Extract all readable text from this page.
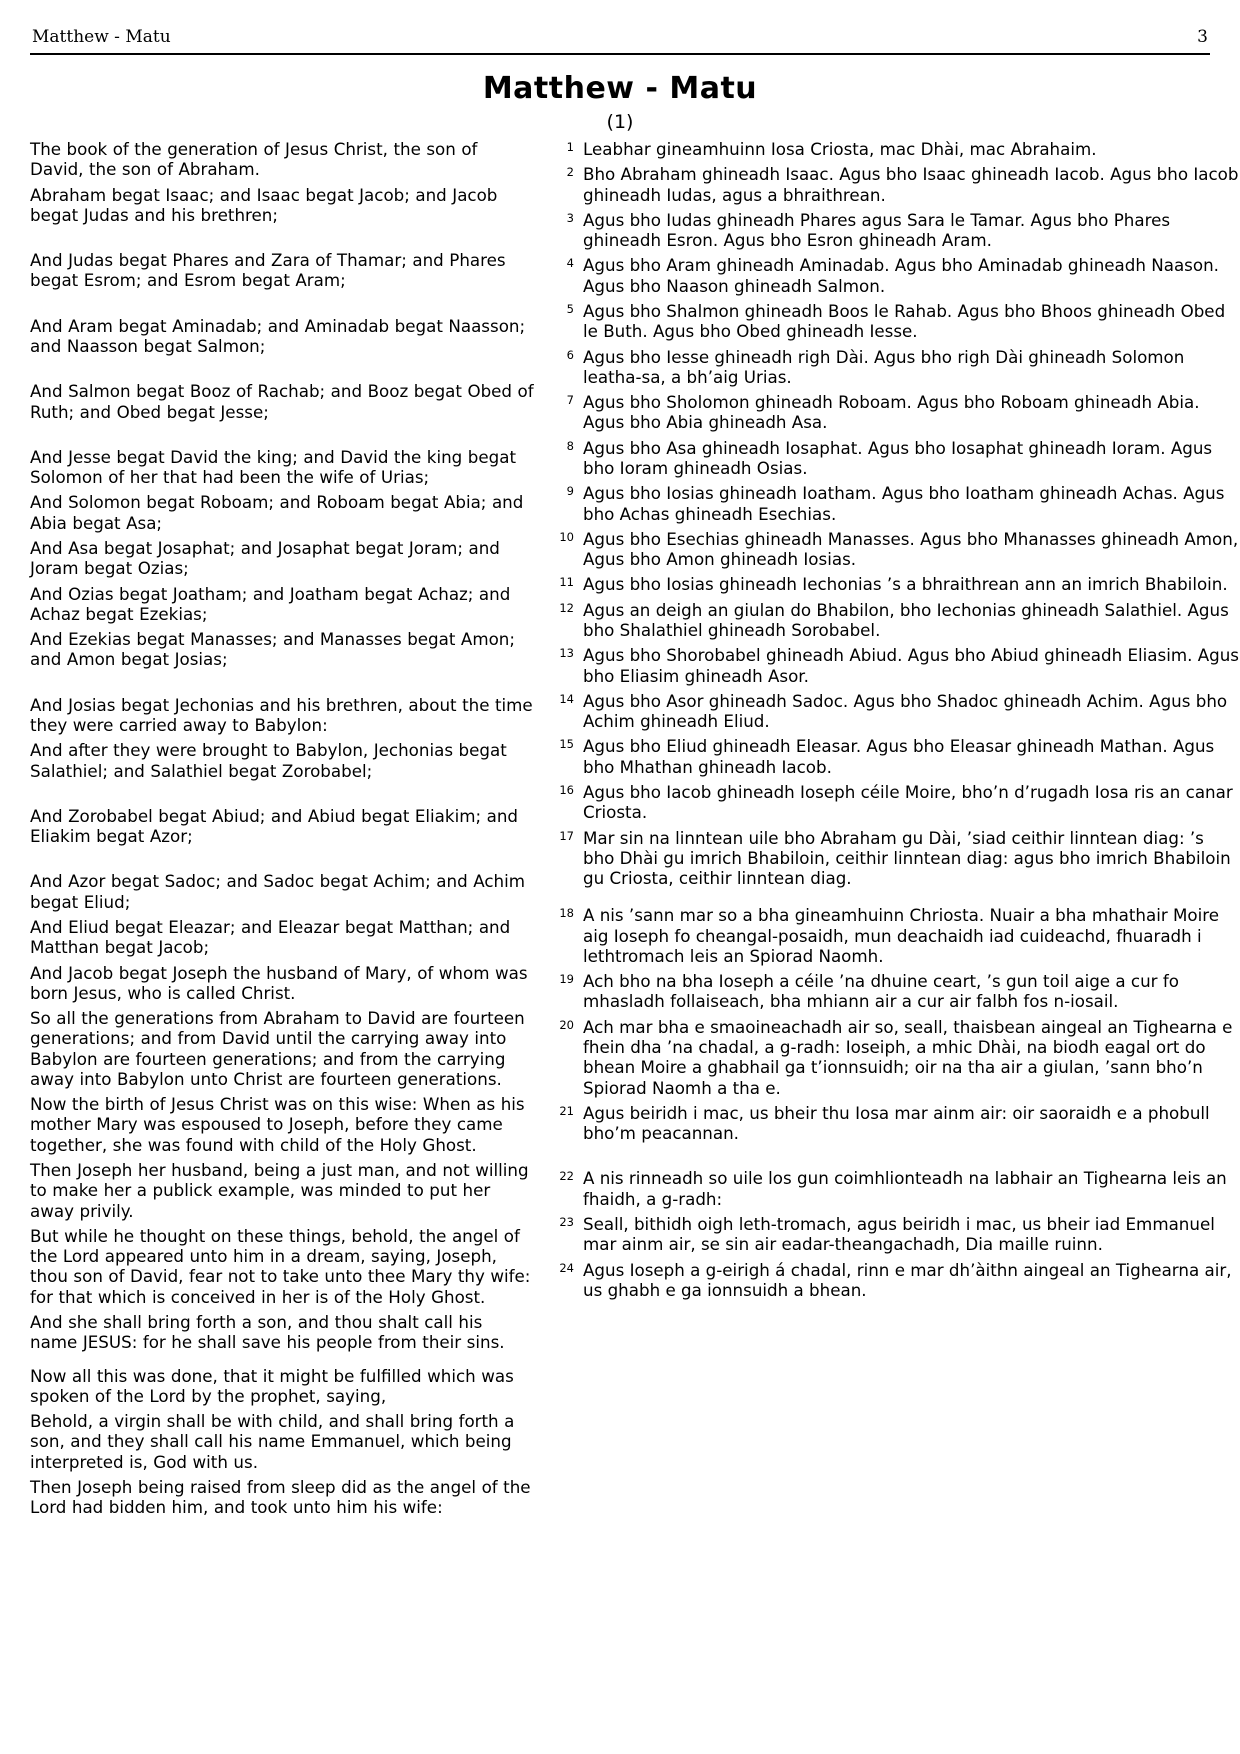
Matthew - Matu	3
Matthew - Matu
(1)
The book of the generation of Jesus Christ, the son of David, the son of Abraham.
Abraham begat Isaac; and Isaac begat Jacob; and Jacob begat Judas and his brethren;
And Judas begat Phares and Zara of Thamar; and Phares begat Esrom; and Esrom begat Aram;
And Aram begat Aminadab; and Aminadab begat Naasson; and Naasson begat Salmon;
And Salmon begat Booz of Rachab; and Booz begat Obed of Ruth; and Obed begat Jesse;
And Jesse begat David the king; and David the king begat Solomon of her that had been the wife of Urias;
And Solomon begat Roboam; and Roboam begat Abia; and Abia begat Asa;
And Asa begat Josaphat; and Josaphat begat Joram; and Joram begat Ozias;
And Ozias begat Joatham; and Joatham begat Achaz; and Achaz begat Ezekias;
And Ezekias begat Manasses; and Manasses begat Amon; and Amon begat Josias;
And Josias begat Jechonias and his brethren, about the time they were carried away to Babylon:
And after they were brought to Babylon, Jechonias begat Salathiel; and Salathiel begat Zorobabel;
And Zorobabel begat Abiud; and Abiud begat Eliakim; and Eliakim begat Azor;
And Azor begat Sadoc; and Sadoc begat Achim; and Achim begat Eliud;
And Eliud begat Eleazar; and Eleazar begat Matthan; and Matthan begat Jacob;
And Jacob begat Joseph the husband of Mary, of whom was born Jesus, who is called Christ.
So all the generations from Abraham to David are fourteen generations; and from David until the carrying away into Babylon are fourteen generations; and from the carrying away into Babylon unto Christ are fourteen generations.
Now the birth of Jesus Christ was on this wise: When as his mother Mary was espoused to Joseph, before they came together, she was found with child of the Holy Ghost.
Then Joseph her husband, being a just man, and not willing to make her a publick example, was minded to put her away privily.
But while he thought on these things, behold, the angel of the Lord appeared unto him in a dream, saying, Joseph, thou son of David, fear not to take unto thee Mary thy wife: for that which is conceived in her is of the Holy Ghost.
And she shall bring forth a son, and thou shalt call his name JESUS: for he shall save his people from their sins.
Now all this was done, that it might be fulfilled which was spoken of the Lord by the prophet, saying,
Behold, a virgin shall be with child, and shall bring forth a son, and they shall call his name Emmanuel, which being interpreted is, God with us.
Then Joseph being raised from sleep did as the angel of the Lord had bidden him, and took unto him his wife:
1 Leabhar gineamhuinn Iosa Criosta, mac Dhài, mac Abrahaim.
2 Bho Abraham ghineadh Isaac. Agus bho Isaac ghineadh Iacob. Agus bho Iacob ghineadh Iudas, agus a bhraithrean.
3 Agus bho Iudas ghineadh Phares agus Sara le Tamar. Agus bho Phares ghineadh Esron. Agus bho Esron ghineadh Aram.
4 Agus bho Aram ghineadh Aminadab. Agus bho Aminadab ghineadh Naason. Agus bho Naason ghineadh Salmon.
5 Agus bho Shalmon ghineadh Boos le Rahab. Agus bho Bhoos ghineadh Obed le Buth. Agus bho Obed ghineadh Iesse.
6 Agus bho Iesse ghineadh righ Dài. Agus bho righ Dài ghineadh Solomon leatha-sa, a bh’aig Urias.
7 Agus bho Sholomon ghineadh Roboam. Agus bho Roboam ghineadh Abia. Agus bho Abia ghineadh Asa.
8 Agus bho Asa ghineadh Iosaphat. Agus bho Iosaphat ghineadh Ioram. Agus bho Ioram ghineadh Osias.
9 Agus bho Iosias ghineadh Ioatham. Agus bho Ioatham ghineadh Achas. Agus bho Achas ghineadh Esechias.
10 Agus bho Esechias ghineadh Manasses. Agus bho Mhanasses ghineadh Amon, Agus bho Amon ghineadh Iosias.
11 Agus bho Iosias ghineadh Iechonias ’s a bhraithrean ann an imrich Bhabiloin.
12 Agus an deigh an giulan do Bhabilon, bho Iechonias ghineadh Salathiel. Agus bho Shalathiel ghineadh Sorobabel.
13 Agus bho Shorobabel ghineadh Abiud. Agus bho Abiud ghineadh Eliasim. Agus bho Eliasim ghineadh Asor.
14 Agus bho Asor ghineadh Sadoc. Agus bho Shadoc ghineadh Achim. Agus bho Achim ghineadh Eliud.
15 Agus bho Eliud ghineadh Eleasar. Agus bho Eleasar ghineadh Mathan. Agus bho Mhathan ghineadh Iacob.
16 Agus bho Iacob ghineadh Ioseph céile Moire, bho’n d’rugadh Iosa ris an canar Criosta.
17 Mar sin na linntean uile bho Abraham gu Dài, ’siad ceithir linntean diag: ’s bho Dhài gu imrich Bhabiloin, ceithir linntean diag: agus bho imrich Bhabiloin gu Criosta, ceithir linntean diag.
18 A nis ’sann mar so a bha gineamhuinn Chriosta. Nuair a bha mhathair Moire aig Ioseph fo cheangal-posaidh, mun deachaidh iad cuideachd, fhuaradh i lethtromach leis an Spiorad Naomh.
19 Ach bho na bha Ioseph a céile ’na dhuine ceart, ’s gun toil aige a cur fo mhasladh follaiseach, bha mhiann air a cur air falbh fos n-iosail.
20 Ach mar bha e smaoineachadh air so, seall, thaisbean aingeal an Tighearna e fhein dha ’na chadal, a g-radh: Ioseiph, a mhic Dhài, na biodh eagal ort do bhean Moire a ghabhail ga t’ionnsuidh; oir na tha air a giulan, ’sann bho’n Spiorad Naomh a tha e.
21 Agus beiridh i mac, us bheir thu Iosa mar ainm air: oir saoraidh e a phobull bho’m peacannan.
22 A nis rinneadh so uile los gun coimhlionteadh na labhair an Tighearna leis an fhaidh, a g-radh:
23 Seall, bithidh oigh leth-tromach, agus beiridh i mac, us bheir iad Emmanuel mar ainm air, se sin air eadar-theangachadh, Dia maille ruinn.
24 Agus Ioseph a g-eirigh á chadal, rinn e mar dh’àithn aingeal an Tighearna air, us ghabh e ga ionnsuidh a bhean.
